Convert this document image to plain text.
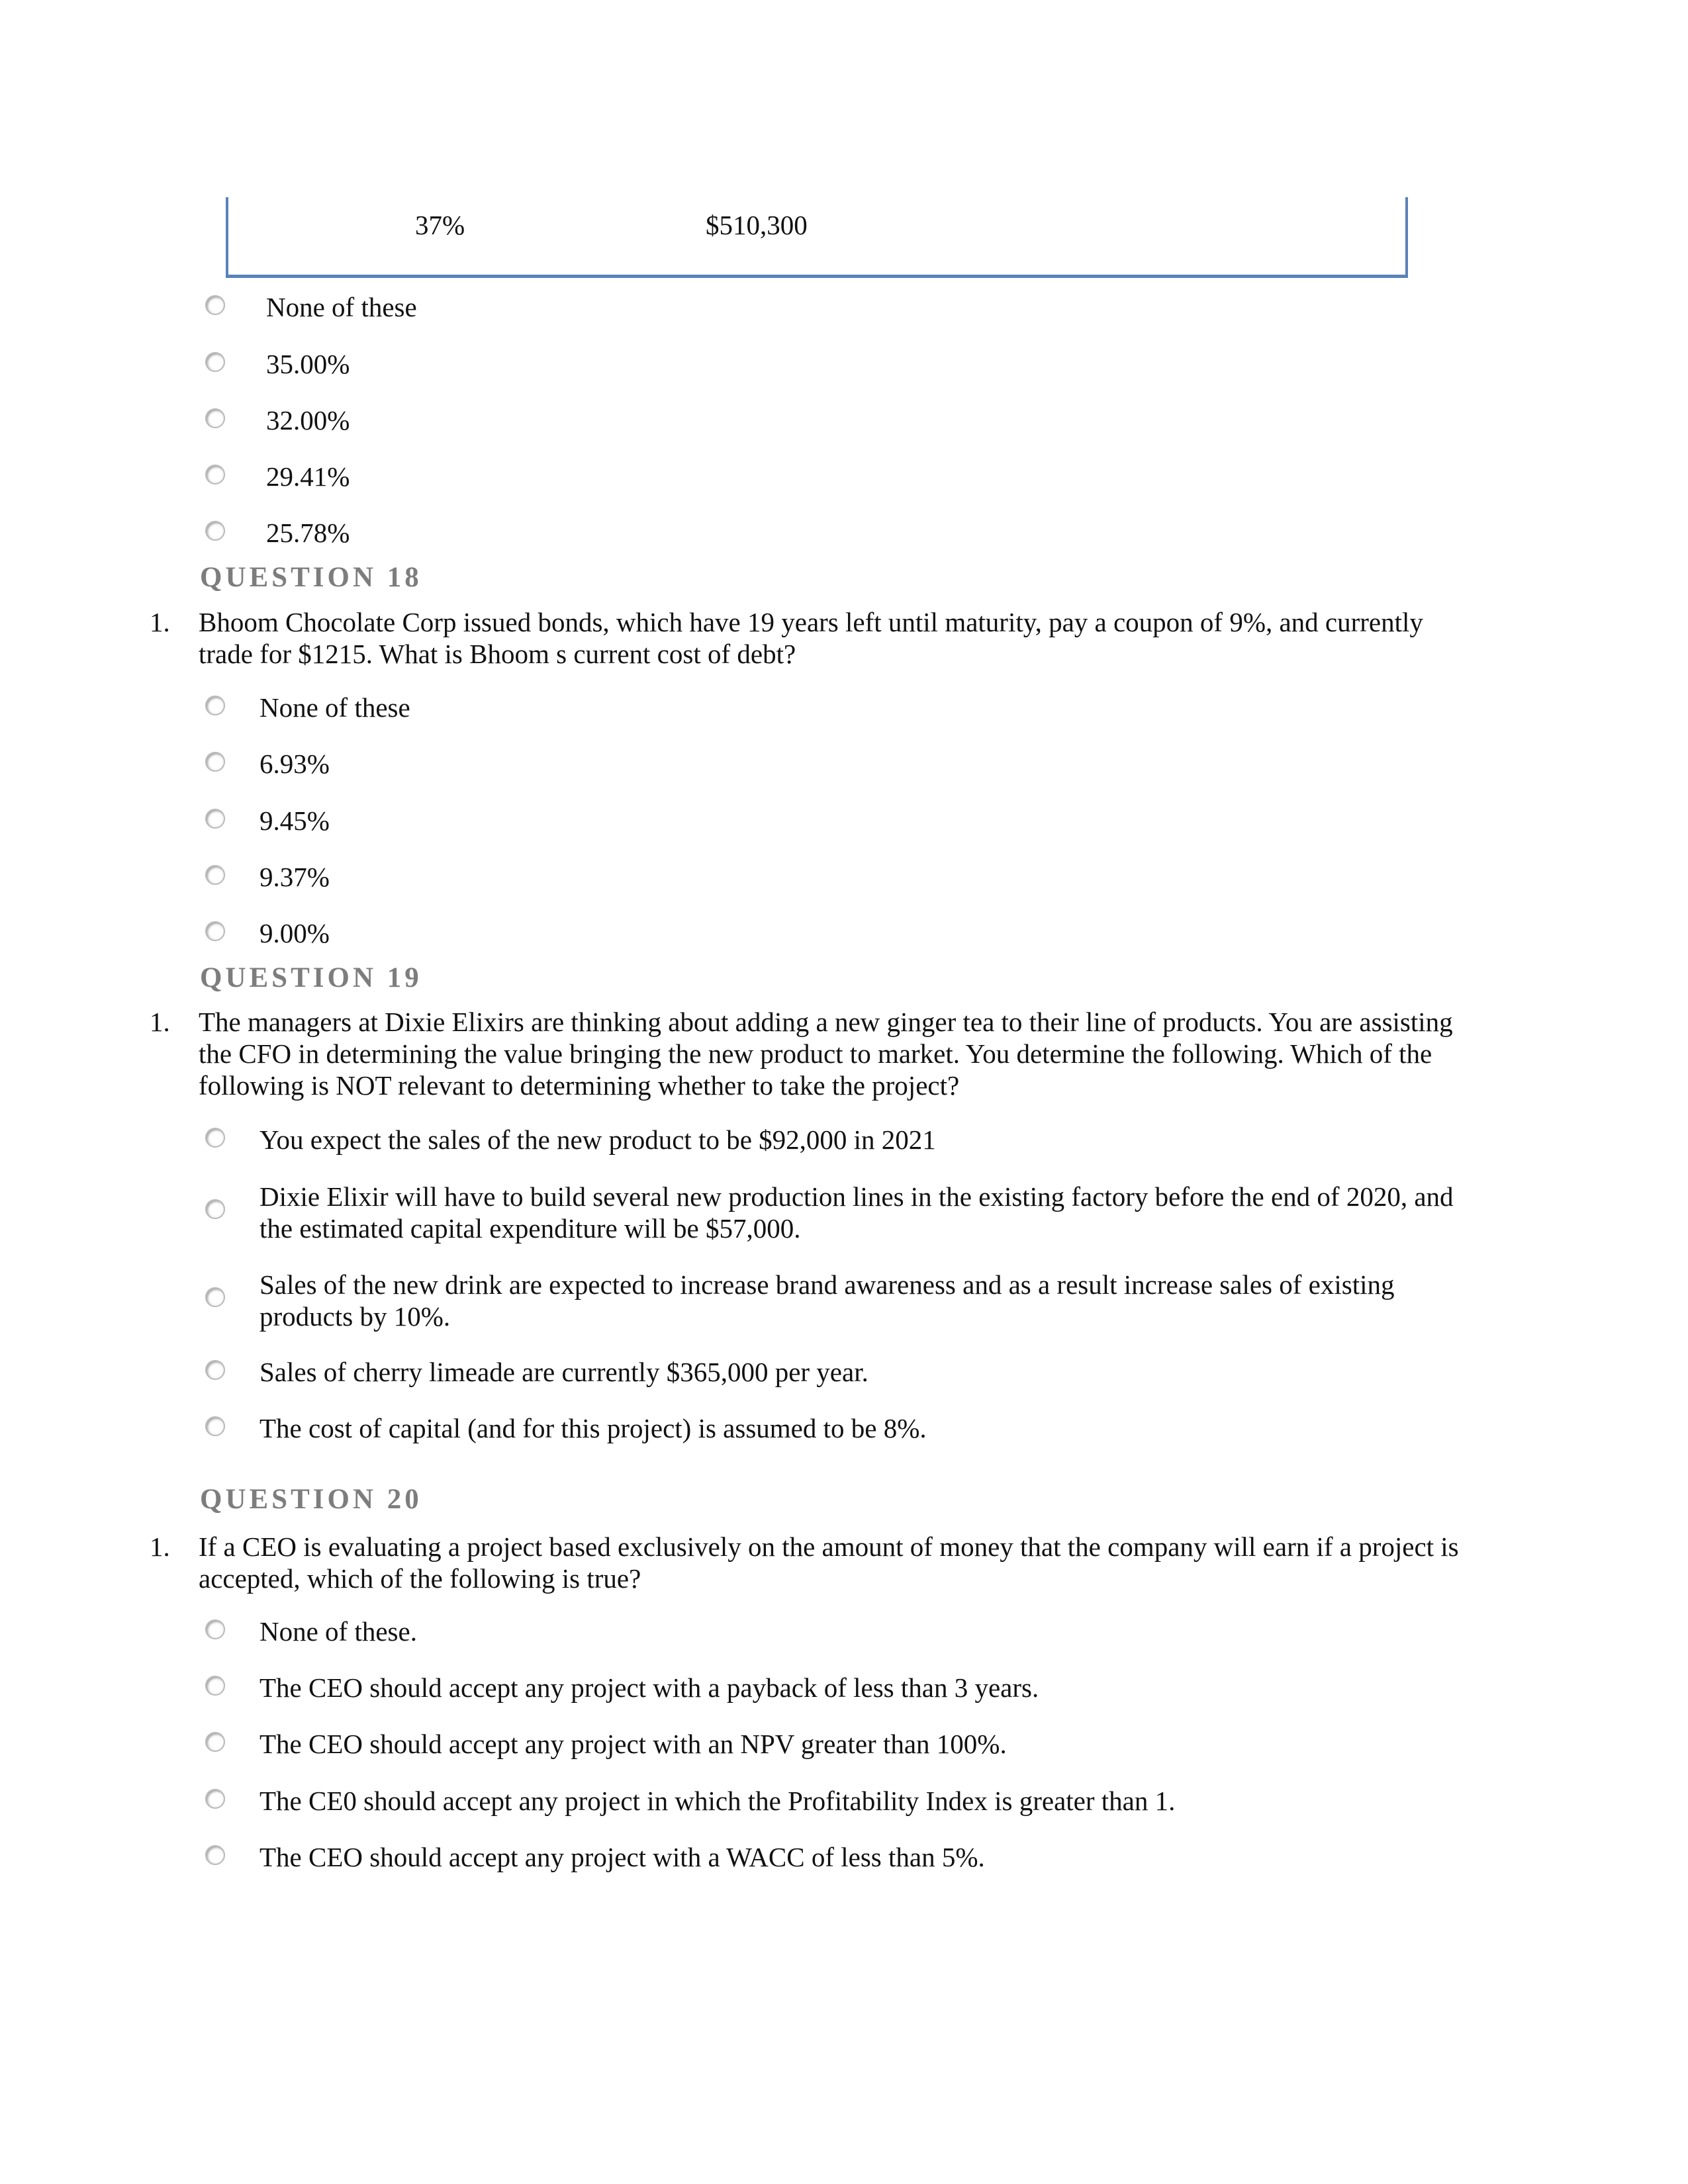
37%	$510,300
None of these
35.00%
32.00%
29.41%
25.78%
QUESTION 18
1. Bhoom Chocolate Corp issued bonds, which have 19 years left until maturity, pay a coupon of 9%, and currently trade for $1215. What is Bhoom s current cost of debt?
None of these
6.93%
9.45%
9.37%
9.00%
QUESTION 19
1. The managers at Dixie Elixirs are thinking about adding a new ginger tea to their line of products. You are assisting the CFO in determining the value bringing the new product to market. You determine the following. Which of the following is NOT relevant to determining whether to take the project?
You expect the sales of the new product to be $92,000 in 2021
Dixie Elixir will have to build several new production lines in the existing factory before the end of 2020, and the estimated capital expenditure will be $57,000.
Sales of the new drink are expected to increase brand awareness and as a result increase sales of existing products by 10%.
Sales of cherry limeade are currently $365,000 per year.
The cost of capital (and for this project) is assumed to be 8%.
QUESTION 20
1. If a CEO is evaluating a project based exclusively on the amount of money that the company will earn if a project is accepted, which of the following is true?
None of these.
The CEO should accept any project with a payback of less than 3 years.
The CEO should accept any project with an NPV greater than 100%.
The CE0 should accept any project in which the Profitability Index is greater than 1.
The CEO should accept any project with a WACC of less than 5%.
